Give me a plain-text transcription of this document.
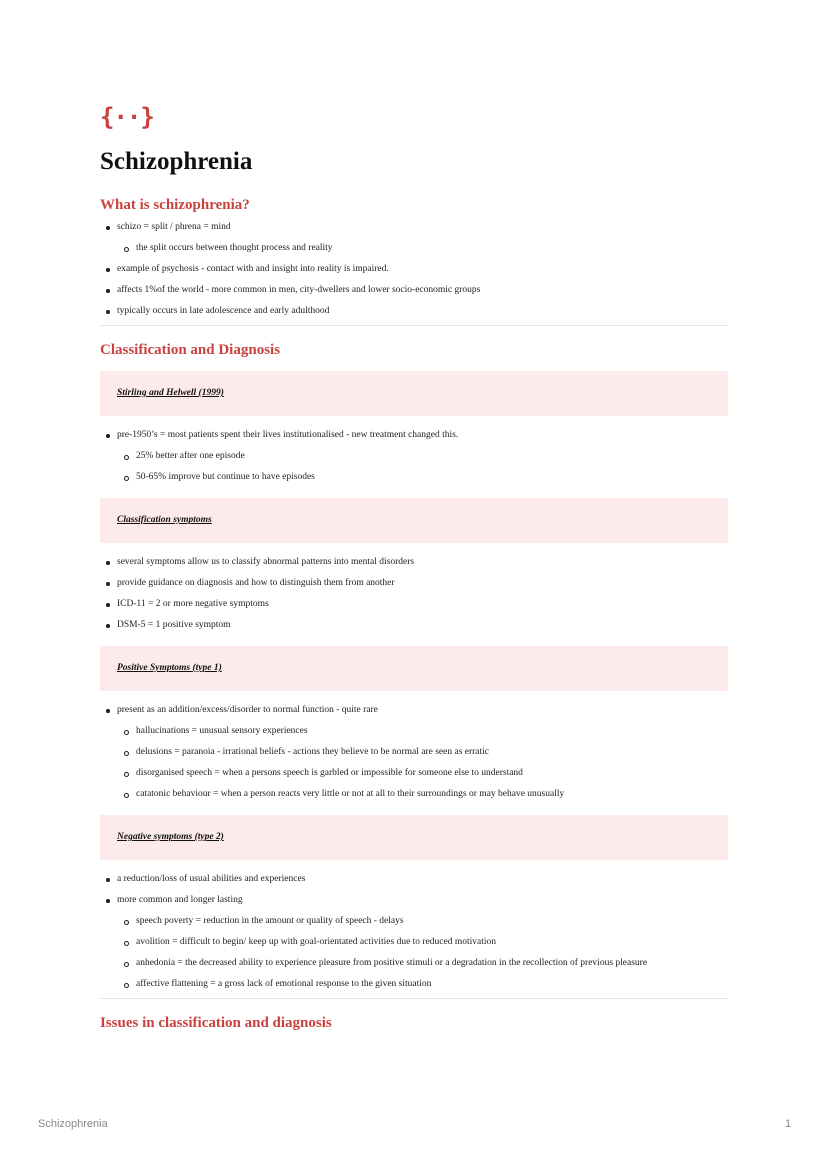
{··}
Schizophrenia
What is schizophrenia?
schizo = split / phrena = mind
the split occurs between thought process and reality
example of psychosis - contact with and insight into reality is impaired.
affects 1%of the world - more common in men, city-dwellers and lower socio-economic groups
typically occurs in late adolescence and early adulthood
Classification and Diagnosis
Stirling and Helwell (1999)
pre-1950’s = most patients spent their lives institutionalised - new treatment changed this.
25% better after one episode
50-65% improve but continue to have episodes
Classification symptoms
several symptoms allow us to classify abnormal patterns into mental disorders
provide guidance on diagnosis and how to distinguish them from another
ICD-11 = 2 or more negative symptoms
DSM-5 = 1 positive symptom
Positive Symptoms (type 1)
present as an addition/excess/disorder to normal function - quite rare
hallucinations = unusual sensory experiences
delusions = paranoia - irrational beliefs - actions they believe to be normal are seen as erratic
disorganised speech = when a persons speech is garbled or impossible for someone else to understand
catatonic behaviour = when a person reacts very little or not at all to their surroundings or may behave unusually
Negative symptoms (type 2)
a reduction/loss of usual abilities and experiences
more common and longer lasting
speech poverty = reduction in the amount or quality of speech - delays
avolition = difficult to begin/ keep up with goal-orientated activities due to reduced motivation
anhedonia = the decreased ability to experience pleasure from positive stimuli or a degradation in the recollection of previous pleasure
affective flattening = a gross lack of emotional response to the given situation
Issues in classification and diagnosis
Schizophrenia	1
